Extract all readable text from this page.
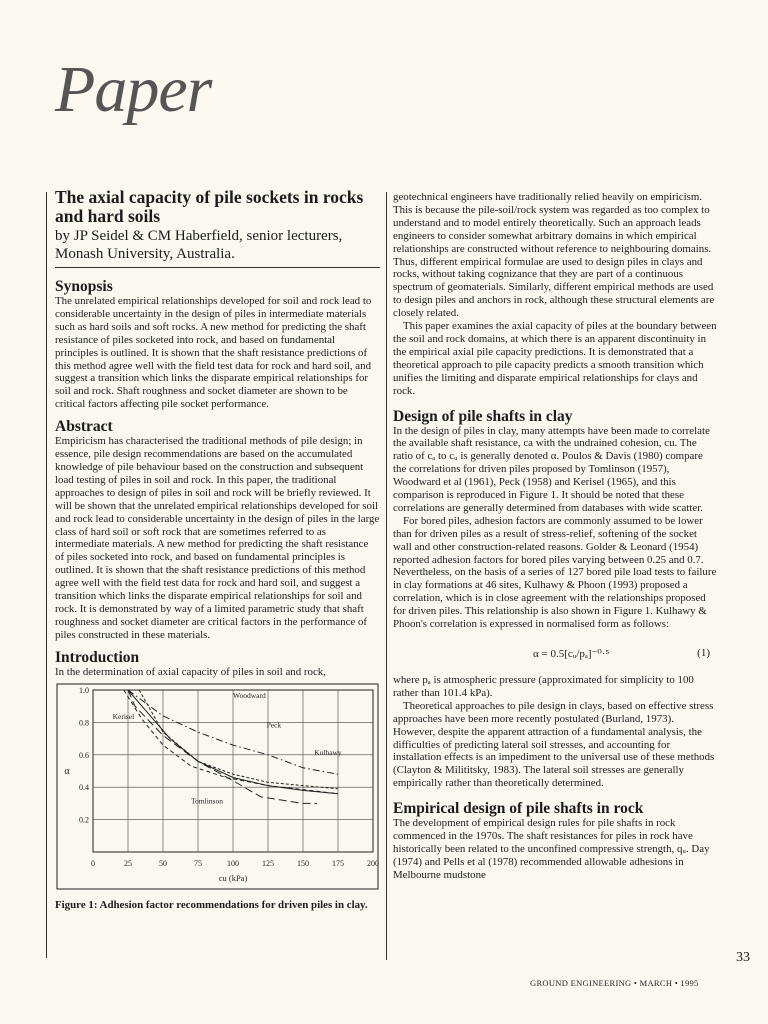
Paper
The axial capacity of pile sockets in rocks and hard soils
by JP Seidel & CM Haberfield, senior lecturers, Monash University, Australia.
Synopsis

The unrelated empirical relationships developed for soil and rock lead to considerable uncertainty in the design of piles in intermediate materials such as hard soils and soft rocks. A new method for predicting the shaft resistance of piles socketed into rock, and based on fundamental principles is outlined. It is shown that the shaft resistance predictions of this method agree well with the field test data for rock and hard soil, and suggest a transition which links the disparate empirical relationships for soil and rock. Shaft roughness and socket diameter are shown to be critical factors affecting pile socket performance.

Abstract

Empiricism has characterised the traditional methods of pile design; in essence, pile design recommendations are based on the accumulated knowledge of pile behaviour based on the construction and subsequent load testing of piles in soil and rock. In this paper, the traditional approaches to design of piles in soil and rock will be briefly reviewed. It will be shown that the unrelated empirical relationships developed for soil and rock lead to considerable uncertainty in the design of piles in the large class of hard soil or soft rock that are sometimes referred to as intermediate materials. A new method for predicting the shaft resistance of piles socketed into rock, and based on fundamental principles is outlined. It is shown that the shaft resistance predictions of this method agree well with the field test data for rock and hard soil, and suggest a transition which links the disparate empirical relationships for soil and rock. It is demonstrated by way of a limited parametric study that shaft roughness and socket diameter are critical factors in the performance of piles constructed in these materials.

Introduction

In the determination of axial capacity of piles in soil and rock,

0	25	50	75	100	125	150	175	200
1.0
0.8
0.6
0.4
0.2
cu (kPa)
α
Woodward
Kerisel
Peck
Kulhawy
Tomlinson
Figure 1: Adhesion factor recommendations for driven piles in clay.

geotechnical engineers have traditionally relied heavily on empiricism. This is because the pile-soil/rock system was regarded as too complex to understand and to model entirely theoretically. Such an approach leads engineers to consider somewhat arbitrary domains in which empirical relationships are constructed without reference to neighbouring domains. Thus, different empirical formulae are used to design piles in clays and rocks, without taking cognizance that they are part of a continuous spectrum of geomaterials. Similarly, different empirical methods are used to design piles and anchors in rock, although these structural elements are closely related.

This paper examines the axial capacity of piles at the boundary between the soil and rock domains, at which there is an apparent discontinuity in the empirical axial pile capacity predictions. It is demonstrated that a theoretical approach to pile capacity predicts a smooth transition which unifies the limiting and disparate empirical relationships for clays and rock.

Design of pile shafts in clay

In the design of piles in clay, many attempts have been made to correlate the available shaft resistance, ca with the undrained cohesion, cu. The ratio of cₐ to cᵤ is generally denoted α. Poulos & Davis (1980) compare the correlations for driven piles proposed by Tomlinson (1957), Woodward et al (1961), Peck (1958) and Kerisel (1965), and this comparison is reproduced in Figure 1. It should be noted that these correlations are generally determined from databases with wide scatter.

For bored piles, adhesion factors are commonly assumed to be lower than for driven piles as a result of stress-relief, softening of the socket wall and other construction-related reasons. Golder & Leonard (1954) reported adhesion factors for bored piles varying between 0.25 and 0.7. Nevertheless, on the basis of a series of 127 bored pile load tests to failure in clay formations at 46 sites, Kulhawy & Phoon (1993) proposed a correlation, which is in close agreement with the relationships proposed for driven piles. This relationship is also shown in Figure 1. Kulhawy & Phoon's correlation is expressed in normalised form as follows:

α = 0.5[cᵤ/pₐ]⁻⁰·⁵	(1)

where pₐ is atmospheric pressure (approximated for simplicity to 100 rather than 101.4 kPa).

Theoretical approaches to pile design in clays, based on effective stress approaches have been more recently postulated (Burland, 1973). However, despite the apparent attraction of a fundamental analysis, the difficulties of predicting lateral soil stresses, and accounting for installation effects is an impediment to the universal use of these methods (Clayton & Milititsky, 1983). The lateral soil stresses are generally empirically rather than theoretically determined.

Empirical design of pile shafts in rock

The development of empirical design rules for pile shafts in rock commenced in the 1970s. The shaft resistances for piles in rock have historically been related to the unconfined compressive strength, qᵤ. Day (1974) and Pells et al (1978) recommended allowable adhesions in Melbourne mudstone

33
GROUND ENGINEERING • MARCH • 1995
